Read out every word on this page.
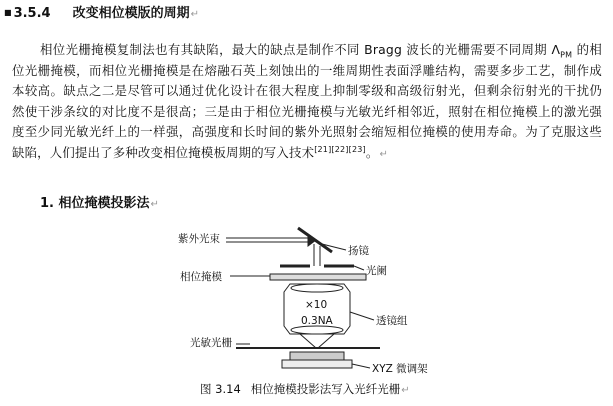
■ 3.5.4 改变相位模版的周期↵

相位光栅掩模复制法也有其缺陷，最大的缺点是制作不同 Bragg 波长的光栅需要不同周期 $\Lambda_{PM}$ 的相位光栅掩模，而相位光栅掩模是在熔融石英上刻蚀出的一维周期性表面浮雕结构，需要多步工艺，制作成本较高。缺点之二是尽管可以通过优化设计在很大程度上抑制零级和高级衍射光，但剩余衍射光的干扰仍然使干涉条纹的对比度不是很高；三是由于相位光栅掩模与光敏光纤相邻近，照射在相位掩模上的激光强度至少同光敏光纤上的一样强，高强度和长时间的紫外光照射会缩短相位掩模的使用寿命。为了克服这些缺陷，人们提出了多种改变相位掩模板周期的写入技术[21][22][23]。↵

1. 相位掩模投影法↵
紫外光束
扬镜
光阑
相位掩模
×10
0.3NA	透镜组
光敏光栅
XYZ 微调架
图 3.14 相位掩模投影法写入光纤光栅↵
